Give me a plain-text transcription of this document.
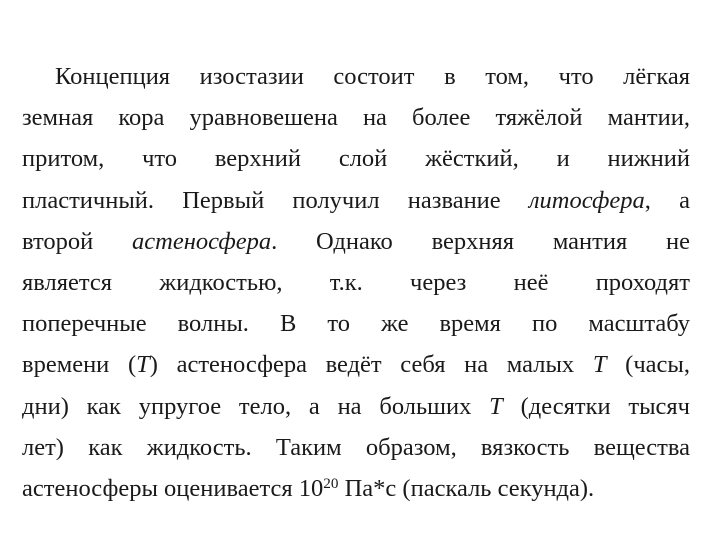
Концепция изостазии состоит в том, что лёгкая
земная кора уравновешена на более тяжёлой мантии,
притом, что верхний слой жёсткий, и нижний
пластичный. Первый получил название литосфера, а
второй астеносфера. Однако верхняя мантия не
является жидкостью, т.к. через неё проходят
поперечные волны. В то же время по масштабу
времени (T) астеносфера ведёт себя на малых T (часы,
дни) как упругое тело, а на больших T (десятки тысяч
лет) как жидкость. Таким образом, вязкость вещества
астеносферы оценивается $10^{20}$ Па*с (паскаль секунда).
